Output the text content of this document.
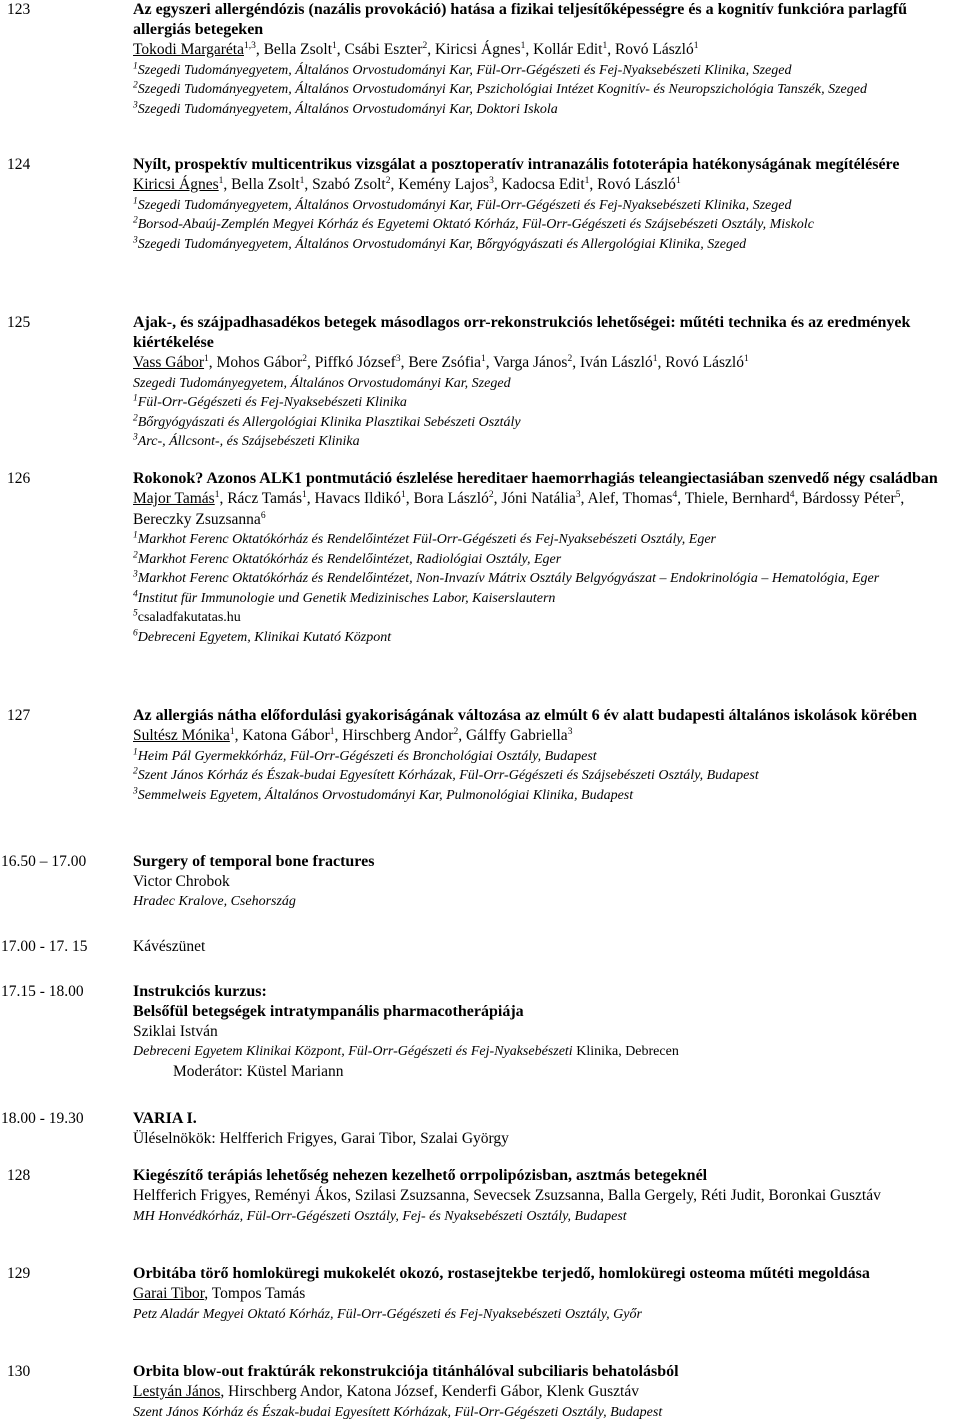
123	Az egyszeri allergéndózis (nazális provokáció) hatása a fizikai teljesítőképességre és a kognitív funkcióra parlagfű allergiás betegeken
Tokodi Margaréta$^{1,3}$, Bella Zsolt$^1$, Csábi Eszter$^2$, Kiricsi Ágnes$^1$, Kollár Edit$^1$, Rovó László$^1$
$^1$Szegedi Tudományegyetem, Általános Orvostudományi Kar, Fül-Orr-Gégészeti és Fej-Nyaksebészeti Klinika, Szeged
$^2$Szegedi Tudományegyetem, Általános Orvostudományi Kar, Pszichológiai Intézet Kognitív- és Neuropszichológia Tanszék, Szeged
$^3$Szegedi Tudományegyetem, Általános Orvostudományi Kar, Doktori Iskola
124	Nyílt, prospektív multicentrikus vizsgálat a posztoperatív intranazális fototerápia hatékonyságának megítélésére
Kiricsi Ágnes$^1$, Bella Zsolt$^1$, Szabó Zsolt$^2$, Kemény Lajos$^3$, Kadocsa Edit$^1$, Rovó László$^1$
$^1$Szegedi Tudományegyetem, Általános Orvostudományi Kar, Fül-Orr-Gégészeti és Fej-Nyaksebészeti Klinika, Szeged
$^2$Borsod-Abaúj-Zemplén Megyei Kórház és Egyetemi Oktató Kórház, Fül-Orr-Gégészeti és Szájsebészeti Osztály, Miskolc
$^3$Szegedi Tudományegyetem, Általános Orvostudományi Kar, Bőrgyógyászati és Allergológiai Klinika, Szeged
125	Ajak-, és szájpadhasadékos betegek másodlagos orr-rekonstrukciós lehetőségei: műtéti technika és az eredmények kiértékelése
Vass Gábor$^1$, Mohos Gábor$^2$, Piffkó József$^3$, Bere Zsófia$^1$, Varga János$^2$, Iván László$^1$, Rovó László$^1$
Szegedi Tudományegyetem, Általános Orvostudományi Kar, Szeged
$^1$Fül-Orr-Gégészeti és Fej-Nyaksebészeti Klinika
$^2$Bőrgyógyászati és Allergológiai Klinika Plasztikai Sebészeti Osztály
$^3$Arc-, Állcsont-, és Szájsebészeti Klinika
126	Rokonok? Azonos ALK1 pontmutáció észlelése hereditaer haemorrhagiás teleangiectasiában szenvedő négy családban
Major Tamás$^1$, Rácz Tamás$^1$, Havacs Ildikó$^1$, Bora László$^2$, Jóni Natália$^3$, Alef, Thomas$^4$, Thiele, Bernhard$^4$, Bárdossy Péter$^5$, Bereczky Zsuzsanna$^6$
$^1$Markhot Ferenc Oktatókórház és Rendelőintézet Fül-Orr-Gégészeti és Fej-Nyaksebészeti Osztály, Eger
$^2$Markhot Ferenc Oktatókórház és Rendelőintézet, Radiológiai Osztály, Eger
$^3$Markhot Ferenc Oktatókórház és Rendelőintézet, Non-Invazív Mátrix Osztály Belgyógyászat – Endokrinológia – Hematológia, Eger
$^4$Institut für Immunologie und Genetik Medizinisches Labor, Kaiserslautern
$^5$csaladfakutatas.hu
$^6$Debreceni Egyetem, Klinikai Kutató Központ
127	Az allergiás nátha előfordulási gyakoriságának változása az elmúlt 6 év alatt budapesti általános iskolások körében
Sultész Mónika$^1$, Katona Gábor$^1$, Hirschberg Andor$^2$, Gálffy Gabriella$^3$
$^1$Heim Pál Gyermekkórház, Fül-Orr-Gégészeti és Bronchológiai Osztály, Budapest
$^2$Szent János Kórház és Észak-budai Egyesített Kórházak, Fül-Orr-Gégészeti és Szájsebészeti Osztály, Budapest
$^3$Semmelweis Egyetem, Általános Orvostudományi Kar, Pulmonológiai Klinika, Budapest
16.50 – 17.00	Surgery of temporal bone fractures
Victor Chrobok
Hradec Kralove, Csehország
17.00 - 17. 15	Kávészünet
17.15 - 18.00	Instrukciós kurzus:
Belsőfül betegségek intratympanális pharmacotherápiája
Sziklai István
Debreceni Egyetem Klinikai Központ, Fül-Orr-Gégészeti és Fej-Nyaksebészeti Klinika, Debrecen
Moderátor: Küstel Mariann
18.00 - 19.30	VARIA I.
Üléselnökök: Helfferich Frigyes, Garai Tibor, Szalai György
128	Kiegészítő terápiás lehetőség nehezen kezelhető orrpolipózisban, asztmás betegeknél
Helfferich Frigyes, Reményi Ákos, Szilasi Zsuzsanna, Sevecsek Zsuzsanna, Balla Gergely, Réti Judit, Boronkai Gusztáv
MH Honvédkórház, Fül-Orr-Gégészeti Osztály, Fej- és Nyaksebészeti Osztály, Budapest
129	Orbitába törő homloküregi mukokelét okozó, rostasejtekbe terjedő, homloküregi osteoma műtéti megoldása
Garai Tibor, Tompos Tamás
Petz Aladár Megyei Oktató Kórház, Fül-Orr-Gégészeti és Fej-Nyaksebészeti Osztály, Győr
130	Orbita blow-out fraktúrák rekonstrukciója titánhálóval subciliaris behatolásból
Lestyán János, Hirschberg Andor, Katona József, Kenderfi Gábor, Klenk Gusztáv
Szent János Kórház és Észak-budai Egyesített Kórházak, Fül-Orr-Gégészeti Osztály, Budapest
